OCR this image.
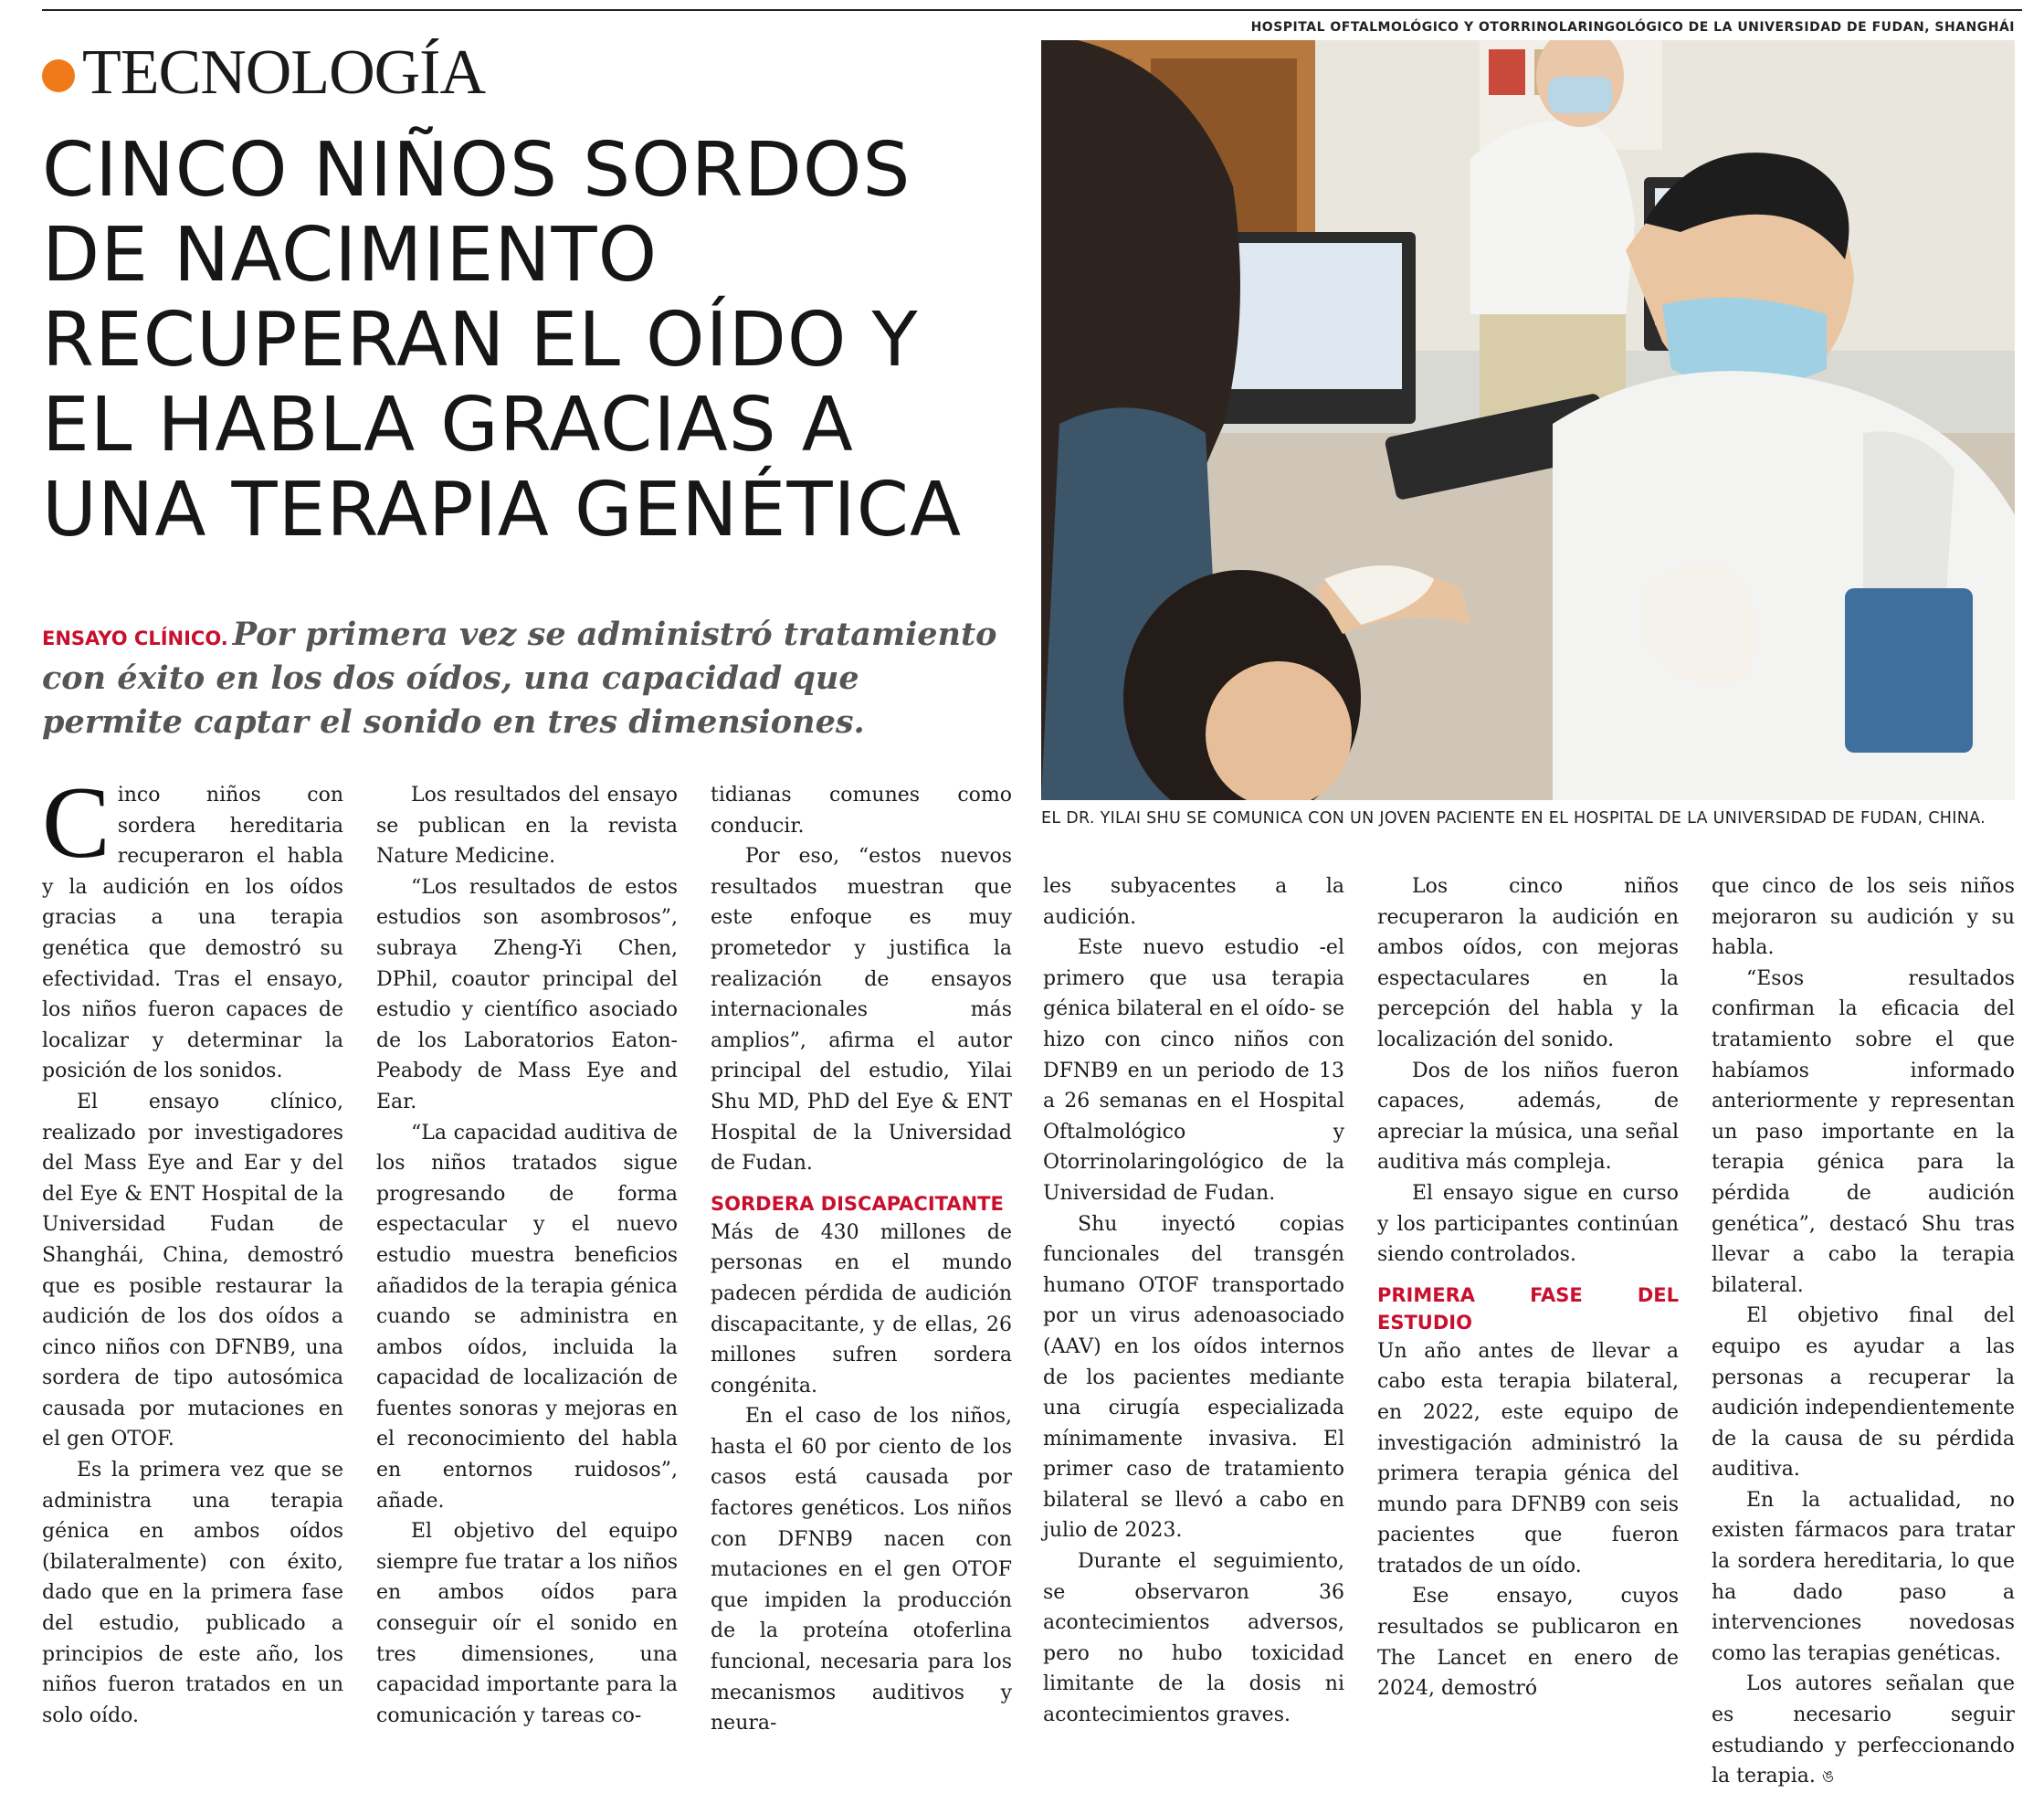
TECNOLOGÍA
CINCO NIÑOS SORDOS
DE NACIMIENTO
RECUPERAN EL OÍDO Y
EL HABLA GRACIAS A
UNA TERAPIA GENÉTICA
ENSAYO CLÍNICO. Por primera vez se administró tratamiento con éxito en los dos oídos, una capacidad que permite captar el sonido en tres dimensiones.
HOSPITAL OFTALMOLÓGICO Y OTORRINOLARINGOLÓGICO DE LA UNIVERSIDAD DE FUDAN, SHANGHÁI
EL DR. YILAI SHU SE COMUNICA CON UN JOVEN PACIENTE EN EL HOSPITAL DE LA UNIVERSIDAD DE FUDAN, CHINA.

C inco niños con sordera hereditaria recuperaron el habla y la audición en los oídos gracias a una terapia genética que demostró su efectividad. Tras el ensayo, los niños fueron capaces de localizar y determinar la posición de los sonidos.

El ensayo clínico, realizado por investigadores del Mass Eye and Ear y del del Eye & ENT Hospital de la Universidad Fudan de Shanghái, China, demostró que es posible restaurar la audición de los dos oídos a cinco niños con DFNB9, una sordera de tipo autosómica causada por mutaciones en el gen OTOF.

Es la primera vez que se administra una terapia génica en ambos oídos (bilateralmente) con éxito, dado que en la primera fase del estudio, publicado a principios de este año, los niños fueron tratados en un solo oído.

Los resultados del ensayo se publican en la revista Nature Medicine.

“Los resultados de estos estudios son asombrosos”, subraya Zheng-Yi Chen, DPhil, coautor principal del estudio y científico asociado de los Laboratorios Eaton-Peabody de Mass Eye and Ear.

“La capacidad auditiva de los niños tratados sigue progresando de forma espectacular y el nuevo estudio muestra beneficios añadidos de la terapia génica cuando se administra en ambos oídos, incluida la capacidad de localización de fuentes sonoras y mejoras en el reconocimiento del habla en entornos ruidosos”, añade.

El objetivo del equipo siempre fue tratar a los niños en ambos oídos para conseguir oír el sonido en tres dimensiones, una capacidad importante para la comunicación y tareas co-

tidianas comunes como conducir.

Por eso, “estos nuevos resultados muestran que este enfoque es muy prometedor y justifica la realización de ensayos internacionales más amplios”, afirma el autor principal del estudio, Yilai Shu MD, PhD del Eye & ENT Hospital de la Universidad de Fudan.

SORDERA DISCAPACITANTE

Más de 430 millones de personas en el mundo padecen pérdida de audición discapacitante, y de ellas, 26 millones sufren sordera congénita.

En el caso de los niños, hasta el 60 por ciento de los casos está causada por factores genéticos. Los niños con DFNB9 nacen con mutaciones en el gen OTOF que impiden la producción de la proteína otoferlina funcional, necesaria para los mecanismos auditivos y neura-

les subyacentes a la audición.

Este nuevo estudio -el primero que usa terapia génica bilateral en el oído- se hizo con cinco niños con DFNB9 en un periodo de 13 a 26 semanas en el Hospital Oftalmológico y Otorrinolaringológico de la Universidad de Fudan.

Shu inyectó copias funcionales del transgén humano OTOF transportado por un virus adenoasociado (AAV) en los oídos internos de los pacientes mediante una cirugía especializada mínimamente invasiva. El primer caso de tratamiento bilateral se llevó a cabo en julio de 2023.

Durante el seguimiento, se observaron 36 acontecimientos adversos, pero no hubo toxicidad limitante de la dosis ni acontecimientos graves.

Los cinco niños recuperaron la audición en ambos oídos, con mejoras espectaculares en la percepción del habla y la localización del sonido.

Dos de los niños fueron capaces, además, de apreciar la música, una señal auditiva más compleja.

El ensayo sigue en curso y los participantes continúan siendo controlados.

PRIMERA FASE DEL ESTUDIO

Un año antes de llevar a cabo esta terapia bilateral, en 2022, este equipo de investigación administró la primera terapia génica del mundo para DFNB9 con seis pacientes que fueron tratados de un oído.

Ese ensayo, cuyos resultados se publicaron en The Lancet en enero de 2024, demostró

que cinco de los seis niños mejoraron su audición y su habla.

“Esos resultados confirman la eficacia del tratamiento sobre el que habíamos informado anteriormente y representan un paso importante en la terapia génica para la pérdida de audición genética”, destacó Shu tras llevar a cabo la terapia bilateral.

El objetivo final del equipo es ayudar a las personas a recuperar la audición independientemente de la causa de su pérdida auditiva.

En la actualidad, no existen fármacos para tratar la sordera hereditaria, lo que ha dado paso a intervenciones novedosas como las terapias genéticas.

Los autores señalan que es necesario seguir estudiando y perfeccionando la terapia. ঙ
